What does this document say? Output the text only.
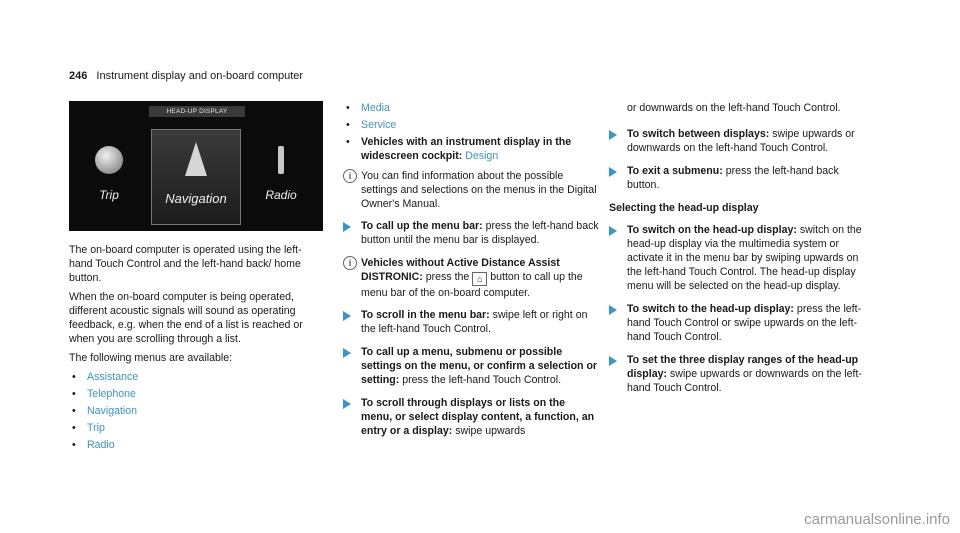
246 Instrument display and on-board computer
HEAD-UP DISPLAY
Trip	Navigation	Radio

The on-board computer is operated using the left-hand Touch Control and the left-hand back/ home button.

When the on-board computer is being operated, different acoustic signals will sound as operating feedback, e.g. when the end of a list is reached or when you are scrolling through a list.

The following menus are available:

• Assistance
• Telephone
• Navigation
• Trip
• Radio
• Media
• Service
• Vehicles with an instrument display in the widescreen cockpit: Design
i You can find information about the possible settings and selections on the menus in the Digital Owner's Manual.
To call up the menu bar: press the left-hand back button until the menu bar is displayed.
i Vehicles without Active Distance Assist DISTRONIC: press the ⌂ button to call up the menu bar of the on-board computer.
To scroll in the menu bar: swipe left or right on the left-hand Touch Control.
To call up a menu, submenu or possible settings on the menu, or confirm a selection or setting: press the left-hand Touch Control.
To scroll through displays or lists on the menu, or select display content, a function, an entry or a display: swipe upwards

or downwards on the left-hand Touch Control.

To switch between displays: swipe upwards or downwards on the left-hand Touch Control.
To exit a submenu: press the left-hand back button.
Selecting the head-up display
To switch on the head-up display: switch on the head-up display via the multimedia system or activate it in the menu bar by swiping upwards on the left-hand Touch Control. The head-up display menu will be selected on the head-up display.
To switch to the head-up display: press the left-hand Touch Control or swipe upwards on the left-hand Touch Control.
To set the three display ranges of the head-up display: swipe upwards or downwards on the left-hand Touch Control.
carmanualsonline.info
